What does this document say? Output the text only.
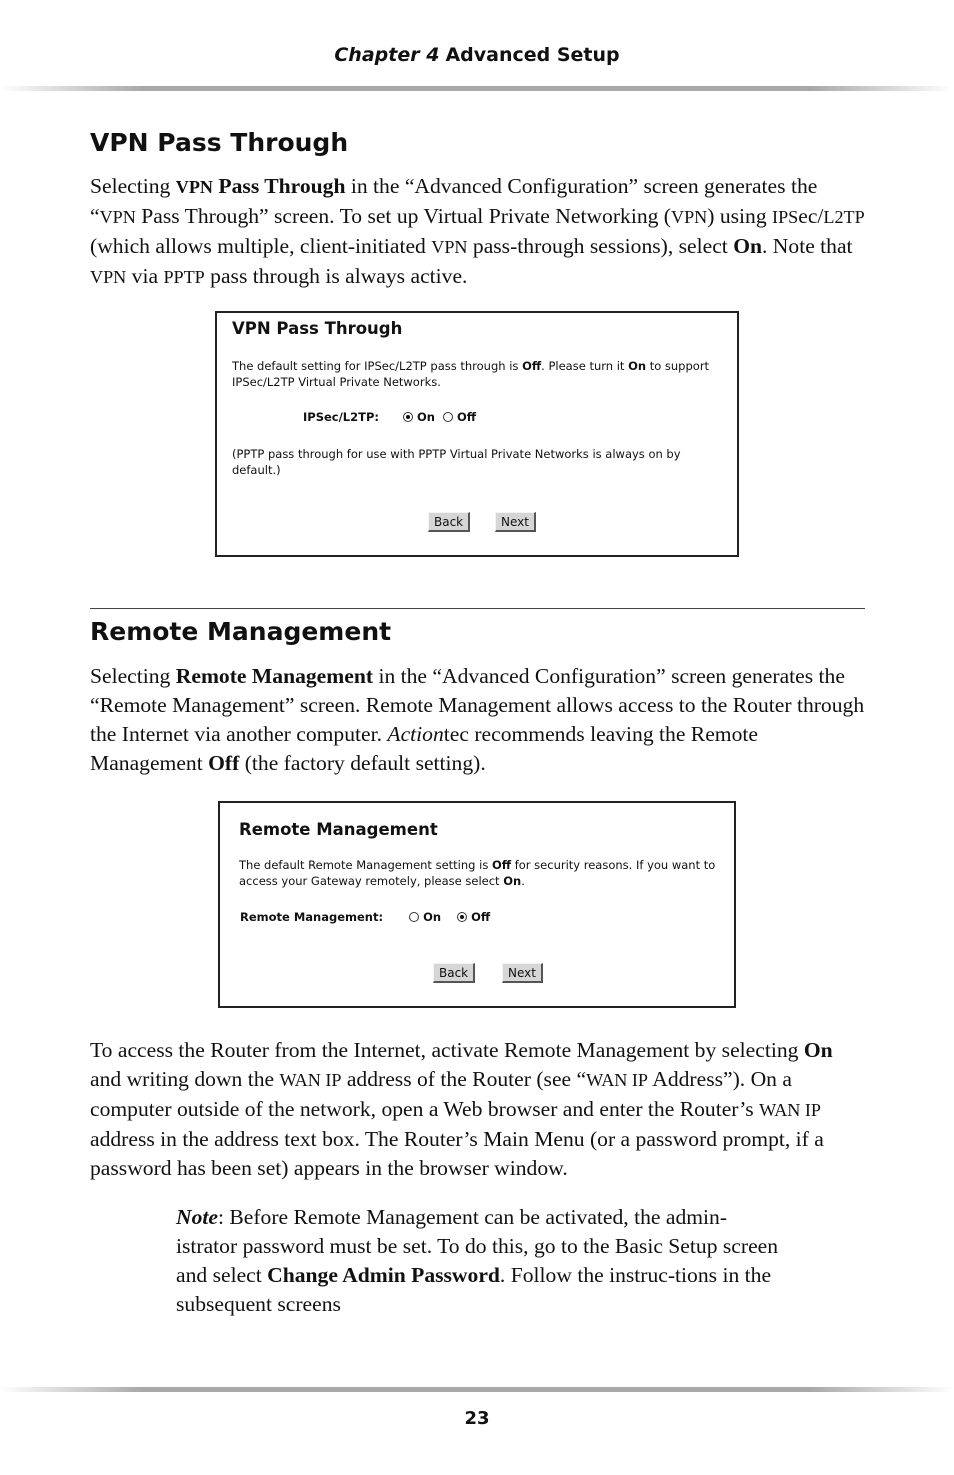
Chapter 4 Advanced Setup
VPN Pass Through

Selecting VPN Pass Through in the “Advanced Configuration” screen generates the “VPN Pass Through” screen. To set up Virtual Private Networking (VPN) using IPSec/L2TP (which allows multiple, client-initiated VPN pass-through sessions), select On. Note that VPN via PPTP pass through is always active.

VPN Pass Through
The default setting for IPSec/L2TP pass through is Off. Please turn it On to support IPSec/L2TP Virtual Private Networks.
IPSec/L2TP:	On Off
(PPTP pass through for use with PPTP Virtual Private Networks is always on by default.)
Back	Next
Remote Management

Selecting Remote Management in the “Advanced Configuration” screen generates the “Remote Management” screen. Remote Management allows access to the Router through the Internet via another computer. Actiontec recommends leaving the Remote Management Off (the factory default setting).

Remote Management
The default Remote Management setting is Off for security reasons. If you want to access your Gateway remotely, please select On.
Remote Management:	On	Off
Back	Next

To access the Router from the Internet, activate Remote Management by selecting On and writing down the WAN IP address of the Router (see “WAN IP Address”). On a computer outside of the network, open a Web browser and enter the Router’s WAN IP address in the address text box. The Router’s Main Menu (or a password prompt, if a password has been set) appears in the browser window.

Note: Before Remote Management can be activated, the admin-istrator password must be set. To do this, go to the Basic Setup screen and select Change Admin Password. Follow the instruc-tions in the subsequent screens

23
